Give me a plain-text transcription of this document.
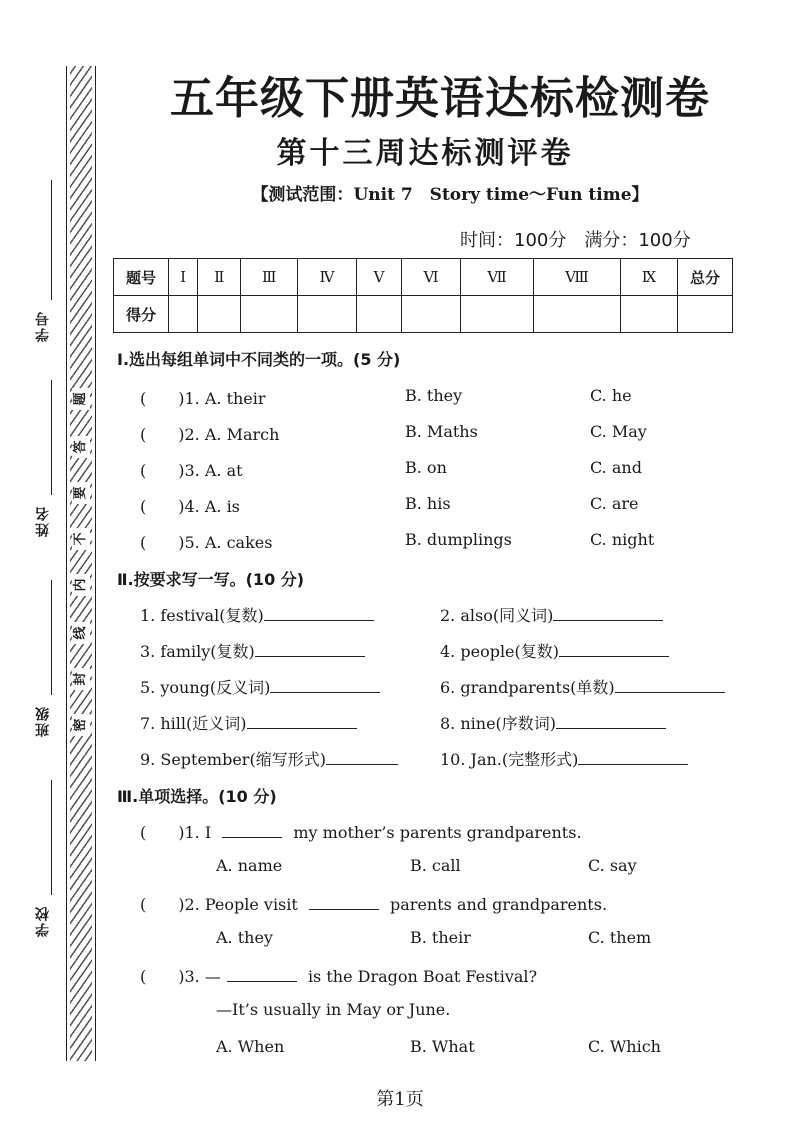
学号
姓名
班级
学校
题
答
要
不
内
线
封
密
五年级下册英语达标检测卷
第十三周达标测评卷
【测试范围：Unit 7　Story time～Fun time】
时间：100分　满分：100分
题号	Ⅰ	Ⅱ	Ⅲ	Ⅳ	Ⅴ	Ⅵ	Ⅶ	Ⅷ	Ⅸ	总分
得分										
Ⅰ.选出每组单词中不同类的一项。(5 分)
(　　)1. A. their	B. they	C. he
(　　)2. A. March	B. Maths	C. May
(　　)3. A. at	B. on	C. and
(　　)4. A. is	B. his	C. are
(　　)5. A. cakes	B. dumplings	C. night
Ⅱ.按要求写一写。(10 分)
1. festival(复数)	2. also(同义词)
3. family(复数)	4. people(复数)
5. young(反义词)	6. grandparents(单数)
7. hill(近义词)	8. nine(序数词)
9. September(缩写形式)	10. Jan.(完整形式)
Ⅲ.单项选择。(10 分)
(　　)1. I	my mother’s parents grandparents.
A. name	B. call	C. say
(　　)2. People visit	parents and grandparents.
A. they	B. their	C. them
(　　)3. —	is the Dragon Boat Festival?
—It’s usually in May or June.
A. When	B. What	C. Which
第1页
